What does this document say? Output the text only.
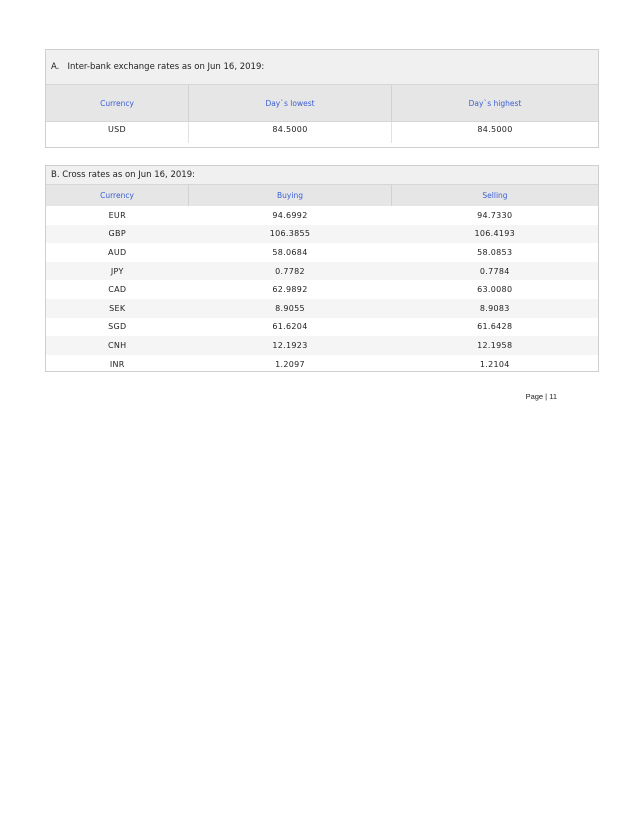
A.   Inter-bank exchange rates as on Jun 16, 2019:
Currency	Day`s lowest	Day`s highest
USD	84.5000	84.5000
B. Cross rates as on Jun 16, 2019:
Currency	Buying	Selling
EUR	94.6992	94.7330
GBP	106.3855	106.4193
AUD	58.0684	58.0853
JPY	0.7782	0.7784
CAD	62.9892	63.0080
SEK	8.9055	8.9083
SGD	61.6204	61.6428
CNH	12.1923	12.1958
INR	1.2097	1.2104
Page | 11
